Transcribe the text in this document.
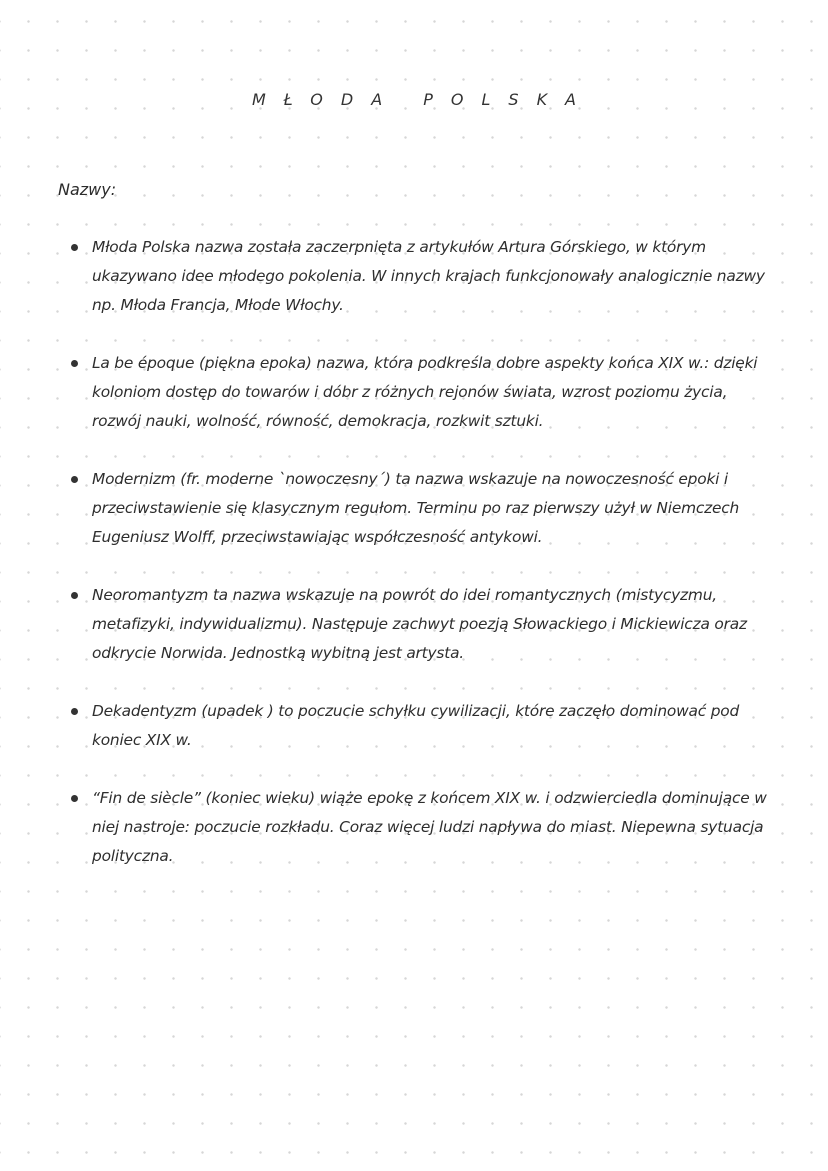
MŁODA POLSKA
Nazwy:
Młoda Polska nazwa została zaczerpnięta z artykułów Artura Górskiego, w którym ukazywano idee młodego pokolenia. W innych krajach funkcjonowały analogicznie nazwy np. Młoda Francja, Młode Włochy.
La be époque (piękna epoka) nazwa, która podkreśla dobre aspekty końca XIX w.: dzięki koloniom dostęp do towarów i dóbr z różnych rejonów świata, wzrost poziomu życia, rozwój nauki, wolność, równość, demokracja, rozkwit sztuki.
Modernizm (fr. moderne `nowoczesny´) ta nazwa wskazuje na nowoczesność epoki i przeciwstawienie się klasycznym regułom. Terminu po raz pierwszy użył w Niemczech Eugeniusz Wolff, przeciwstawiając współczesność antykowi.
Neoromantyzm ta nazwa wskazuje na powrót do idei romantycznych (mistycyzmu, metafizyki, indywidualizmu). Następuje zachwyt poezją Słowackiego i Mickiewicza oraz odkrycie Norwida. Jednostką wybitną jest artysta.
Dekadentyzm (upadek ) to poczucie schyłku cywilizacji, które zaczęło dominować pod koniec XIX w.
“Fin de siècle” (koniec wieku) wiąże epokę z końcem XIX w. i odzwierciedla dominujące w niej nastroje: poczucie rozkładu. Coraz więcej ludzi napływa do miast. Niepewna sytuacja polityczna.
